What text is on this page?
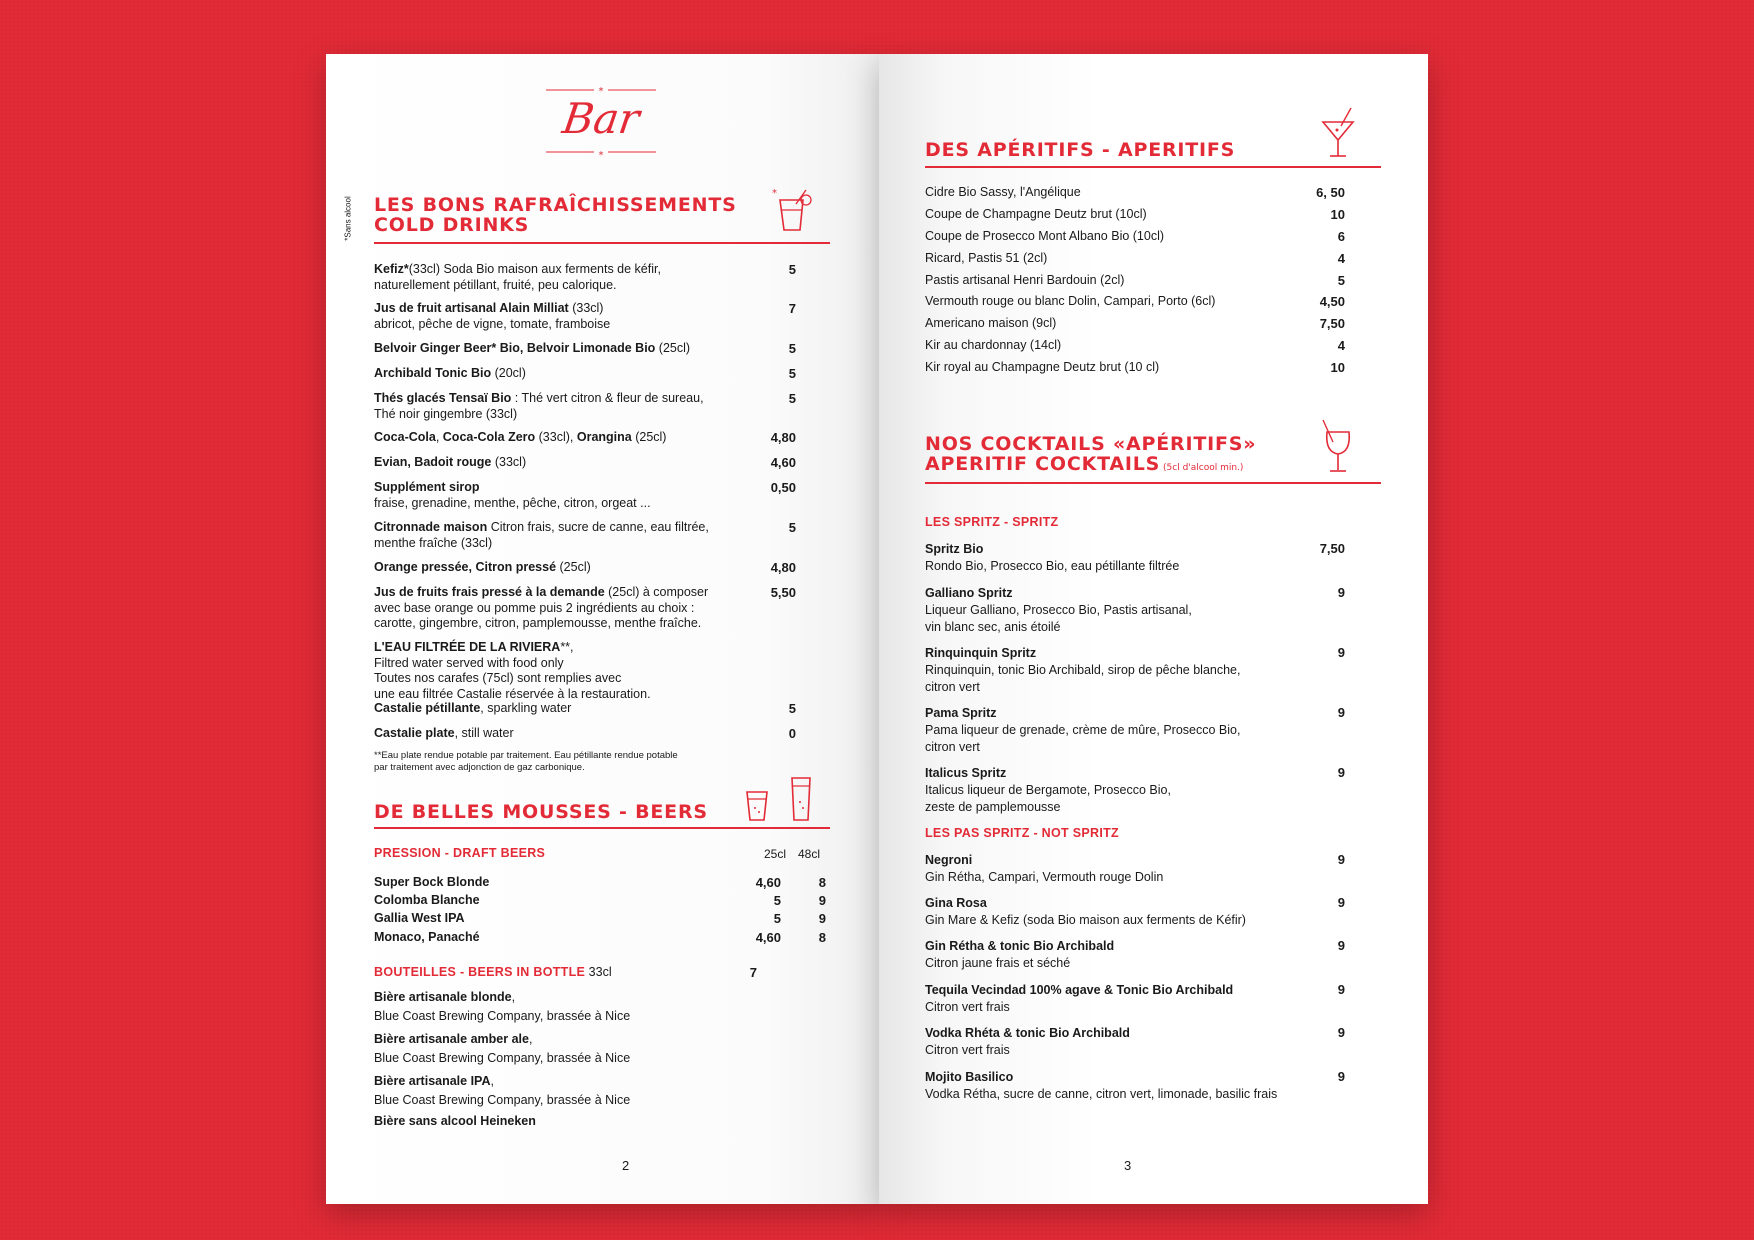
*
*
Bar
*Sans alcool LES BONS RAFRAÎCHISSEMENTS
COLD DRINKS
*
Kefiz*(33cl) Soda Bio maison aux ferments de kéfir,
naturellement pétillant, fruité, peu calorique.
5
Jus de fruit artisanal Alain Milliat (33cl)
abricot, pêche de vigne, tomate, framboise
7
Belvoir Ginger Beer* Bio, Belvoir Limonade Bio (25cl)	5
Archibald Tonic Bio (20cl)	5
Thés glacés Tensaï Bio : Thé vert citron & fleur de sureau,
Thé noir gingembre (33cl)
5
Coca-Cola, Coca-Cola Zero (33cl), Orangina (25cl)	4,80
Evian, Badoit rouge (33cl)	4,60
Supplément sirop
fraise, grenadine, menthe, pêche, citron, orgeat ...
0,50
Citronnade maison Citron frais, sucre de canne, eau filtrée,
menthe fraîche (33cl)
5
Orange pressée, Citron pressé (25cl)	4,80
Jus de fruits frais pressé à la demande (25cl) à composer
avec base orange ou pomme puis 2 ingrédients au choix :
carotte, gingembre, citron, pamplemousse, menthe fraîche.
5,50
L'EAU FILTRÉE DE LA RIVIERA**,
Filtred water served with food only
Toutes nos carafes (75cl) sont remplies avec
une eau filtrée Castalie réservée à la restauration.
Castalie pétillante, sparkling water	5
Castalie plate, still water	0
**Eau plate rendue potable par traitement. Eau pétillante rendue potable
par traitement avec adjonction de gaz carbonique.
DE BELLES MOUSSES - BEERS
PRESSION - DRAFT BEERS	25cl 48cl
Super Bock Blonde	4,60	8
Colomba Blanche	5	9
Gallia West IPA	5	9
Monaco, Panaché	4,60	8
BOUTEILLES - BEERS IN BOTTLE 33cl	7
Bière artisanale blonde,
Blue Coast Brewing Company, brassée à Nice
Bière artisanale amber ale,
Blue Coast Brewing Company, brassée à Nice
Bière artisanale IPA,
Blue Coast Brewing Company, brassée à Nice
Bière sans alcool Heineken
2
DES APÉRITIFS - APERITIFS
Cidre Bio Sassy, l'Angélique	6, 50
Coupe de Champagne Deutz brut (10cl)	10
Coupe de Prosecco Mont Albano Bio (10cl)	6
Ricard, Pastis 51 (2cl)	4
Pastis artisanal Henri Bardouin (2cl)	5
Vermouth rouge ou blanc Dolin, Campari, Porto (6cl)	4,50
Americano maison (9cl)	7,50
Kir au chardonnay (14cl)	4
Kir royal au Champagne Deutz brut (10 cl)	10
NOS COCKTAILS «APÉRITIFS»
APERITIF COCKTAILS (5cl d'alcool min.)
LES SPRITZ - SPRITZ
Spritz Bio
Rondo Bio, Prosecco Bio, eau pétillante filtrée
7,50
Galliano Spritz
Liqueur Galliano, Prosecco Bio, Pastis artisanal,
vin blanc sec, anis étoilé
9
Rinquinquin Spritz
Rinquinquin, tonic Bio Archibald, sirop de pêche blanche,
citron vert
9
Pama Spritz
Pama liqueur de grenade, crème de mûre, Prosecco Bio,
citron vert
9
Italicus Spritz
Italicus liqueur de Bergamote, Prosecco Bio,
zeste de pamplemousse
9
LES PAS SPRITZ - NOT SPRITZ
Negroni
Gin Rétha, Campari, Vermouth rouge Dolin
9
Gina Rosa
Gin Mare & Kefiz (soda Bio maison aux ferments de Kéfir)
9
Gin Rétha & tonic Bio Archibald
Citron jaune frais et séché
9
Tequila Vecindad 100% agave & Tonic Bio Archibald
Citron vert frais
9
Vodka Rhéta & tonic Bio Archibald
Citron vert frais
9
Mojito Basilico
Vodka Rétha, sucre de canne, citron vert, limonade, basilic frais
9
3
